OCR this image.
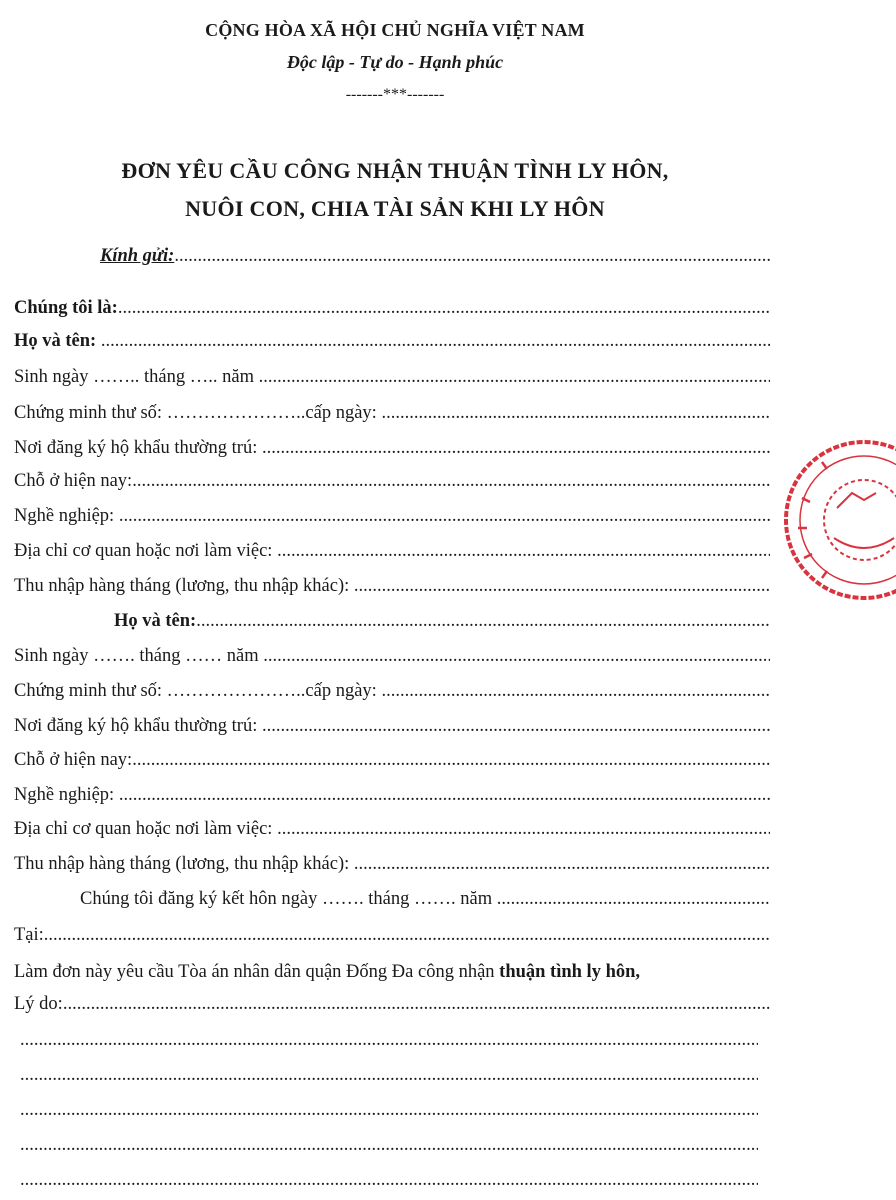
CỘNG HÒA XÃ HỘI CHỦ NGHĨA VIỆT NAM
Độc lập - Tự do - Hạnh phúc
-------***-------
ĐƠN YÊU CẦU CÔNG NHẬN THUẬN TÌNH LY HÔN,
NUÔI CON, CHIA TÀI SẢN KHI LY HÔN
Kính gửi:
.....
Chúng tôi là:
.....
Họ và tên:
.....
Sinh ngày …….. tháng ….. năm
.....
Chứng minh thư số: …………………..cấp ngày:
.....
Nơi đăng ký hộ khẩu thường trú:
.....
Chỗ ở hiện nay:
.....
Nghề nghiệp:
.....
Địa chỉ cơ quan hoặc nơi làm việc:
.....
Thu nhập hàng tháng (lương, thu nhập khác):
.....
Họ và tên:
.....
Sinh ngày ……. tháng …… năm
.....
Chứng minh thư số: …………………..cấp ngày:
.....
Nơi đăng ký hộ khẩu thường trú:
.....
Chỗ ở hiện nay:
.....
Nghề nghiệp:
.....
Địa chỉ cơ quan hoặc nơi làm việc:
.....
Thu nhập hàng tháng (lương, thu nhập khác):
.....
Chúng tôi đăng ký kết hôn ngày ……. tháng ……. năm
.....
Tại:
.....
Làm đơn này yêu cầu Tòa án nhân dân quận Đống Đa công nhận thuận tình ly hôn,
Lý do:
.....
.....
.....
.....
.....
.....
